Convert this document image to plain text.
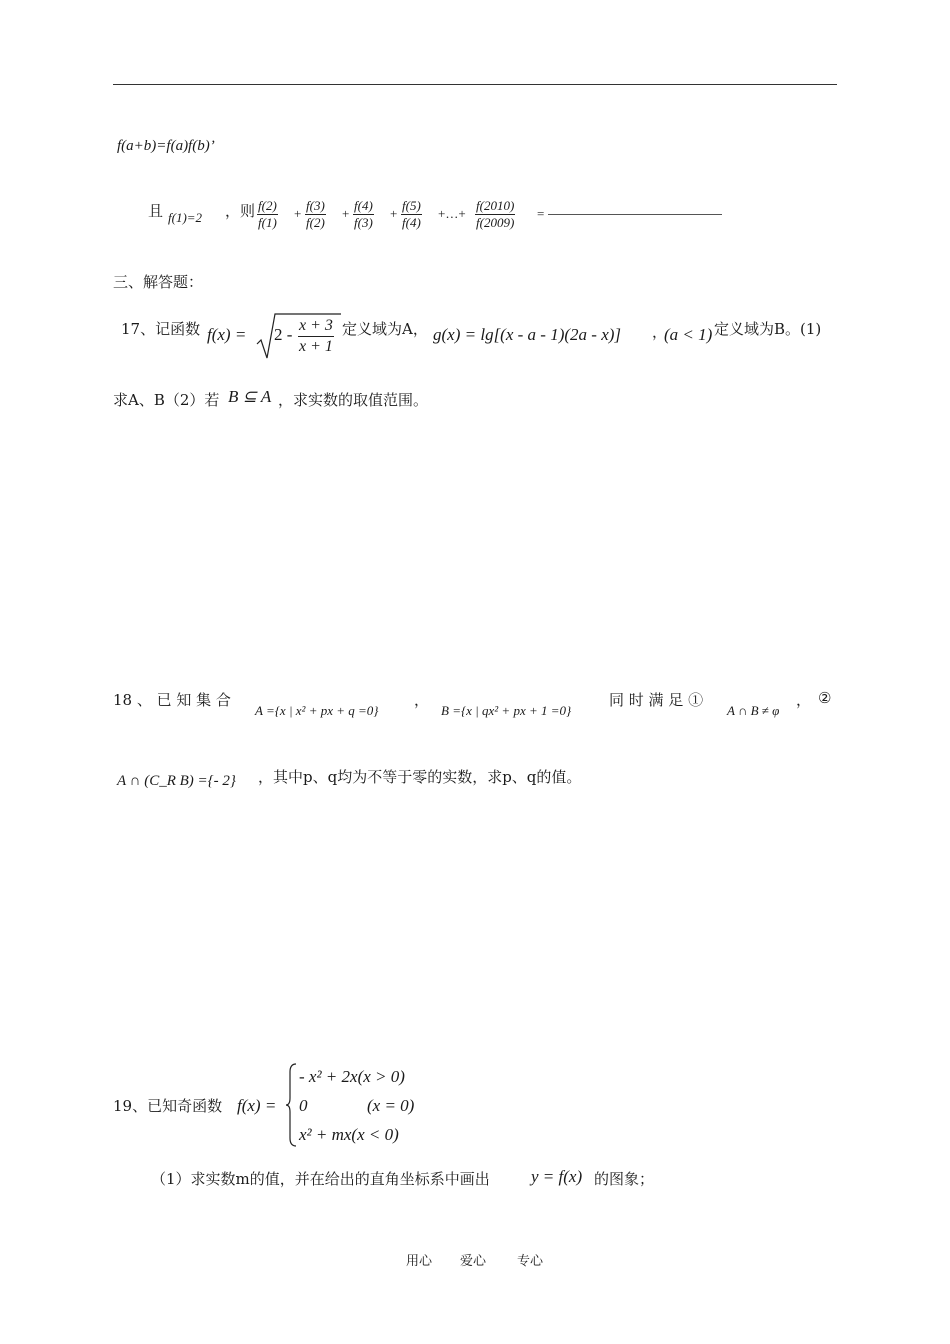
f(a+b)=f(a)f(b)’
且 f(1)=2 ，则 $\frac{f(2)}{f(1)} + \frac{f(3)}{f(2)} + \frac{f(4)}{f(3)} + \frac{f(5)}{f(4)}$ +…+ $\frac{f(2010)}{f(2009)}$ =
三、解答题：
17、记函数 $f(x) = 2 - \frac{x + 3}{x + 1}$ 定义域为A， g(x) = lg[(x - a - 1)(2a - x)] ，
(a < 1) 定义域为B。(1)
求A、B（2）若 B ⊆ A ，求实数的取值范围。
18 、 已 知 集 合
A ={x | x² + px + q =0}
，
B ={x | qx² + px + 1 =0}
同 时 满 足 ①
A ∩ B ≠ φ
， ②
A ∩ (C_R B) ={- 2} ，其中p、q均为不等于零的实数，求p、q的值。
19、已知奇函数 f(x) =
- x² + 2x(x > 0)
0              (x = 0)
x² + mx(x < 0)
（1）求实数m的值，并在给出的直角坐标系中画出 y = f(x) 的图象；
用心 爱心 专心
